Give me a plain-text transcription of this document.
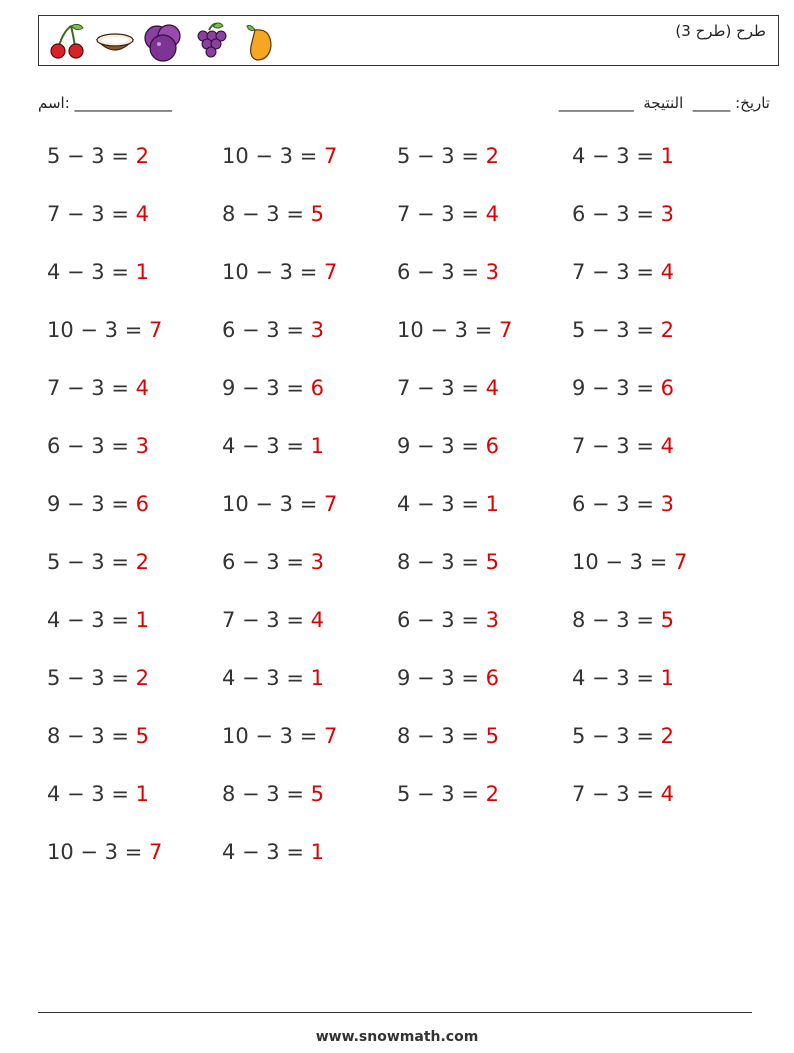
طرح (طرح 3)
اسم: _____________	تاريخ: _____  النتيجة  __________
5 − 3 = 2	10 − 3 = 7	5 − 3 = 2	4 − 3 = 1
7 − 3 = 4	8 − 3 = 5	7 − 3 = 4	6 − 3 = 3
4 − 3 = 1	10 − 3 = 7	6 − 3 = 3	7 − 3 = 4
10 − 3 = 7	6 − 3 = 3	10 − 3 = 7	5 − 3 = 2
7 − 3 = 4	9 − 3 = 6	7 − 3 = 4	9 − 3 = 6
6 − 3 = 3	4 − 3 = 1	9 − 3 = 6	7 − 3 = 4
9 − 3 = 6	10 − 3 = 7	4 − 3 = 1	6 − 3 = 3
5 − 3 = 2	6 − 3 = 3	8 − 3 = 5	10 − 3 = 7
4 − 3 = 1	7 − 3 = 4	6 − 3 = 3	8 − 3 = 5
5 − 3 = 2	4 − 3 = 1	9 − 3 = 6	4 − 3 = 1
8 − 3 = 5	10 − 3 = 7	8 − 3 = 5	5 − 3 = 2
4 − 3 = 1	8 − 3 = 5	5 − 3 = 2	7 − 3 = 4
10 − 3 = 7	4 − 3 = 1
www.snowmath.com
